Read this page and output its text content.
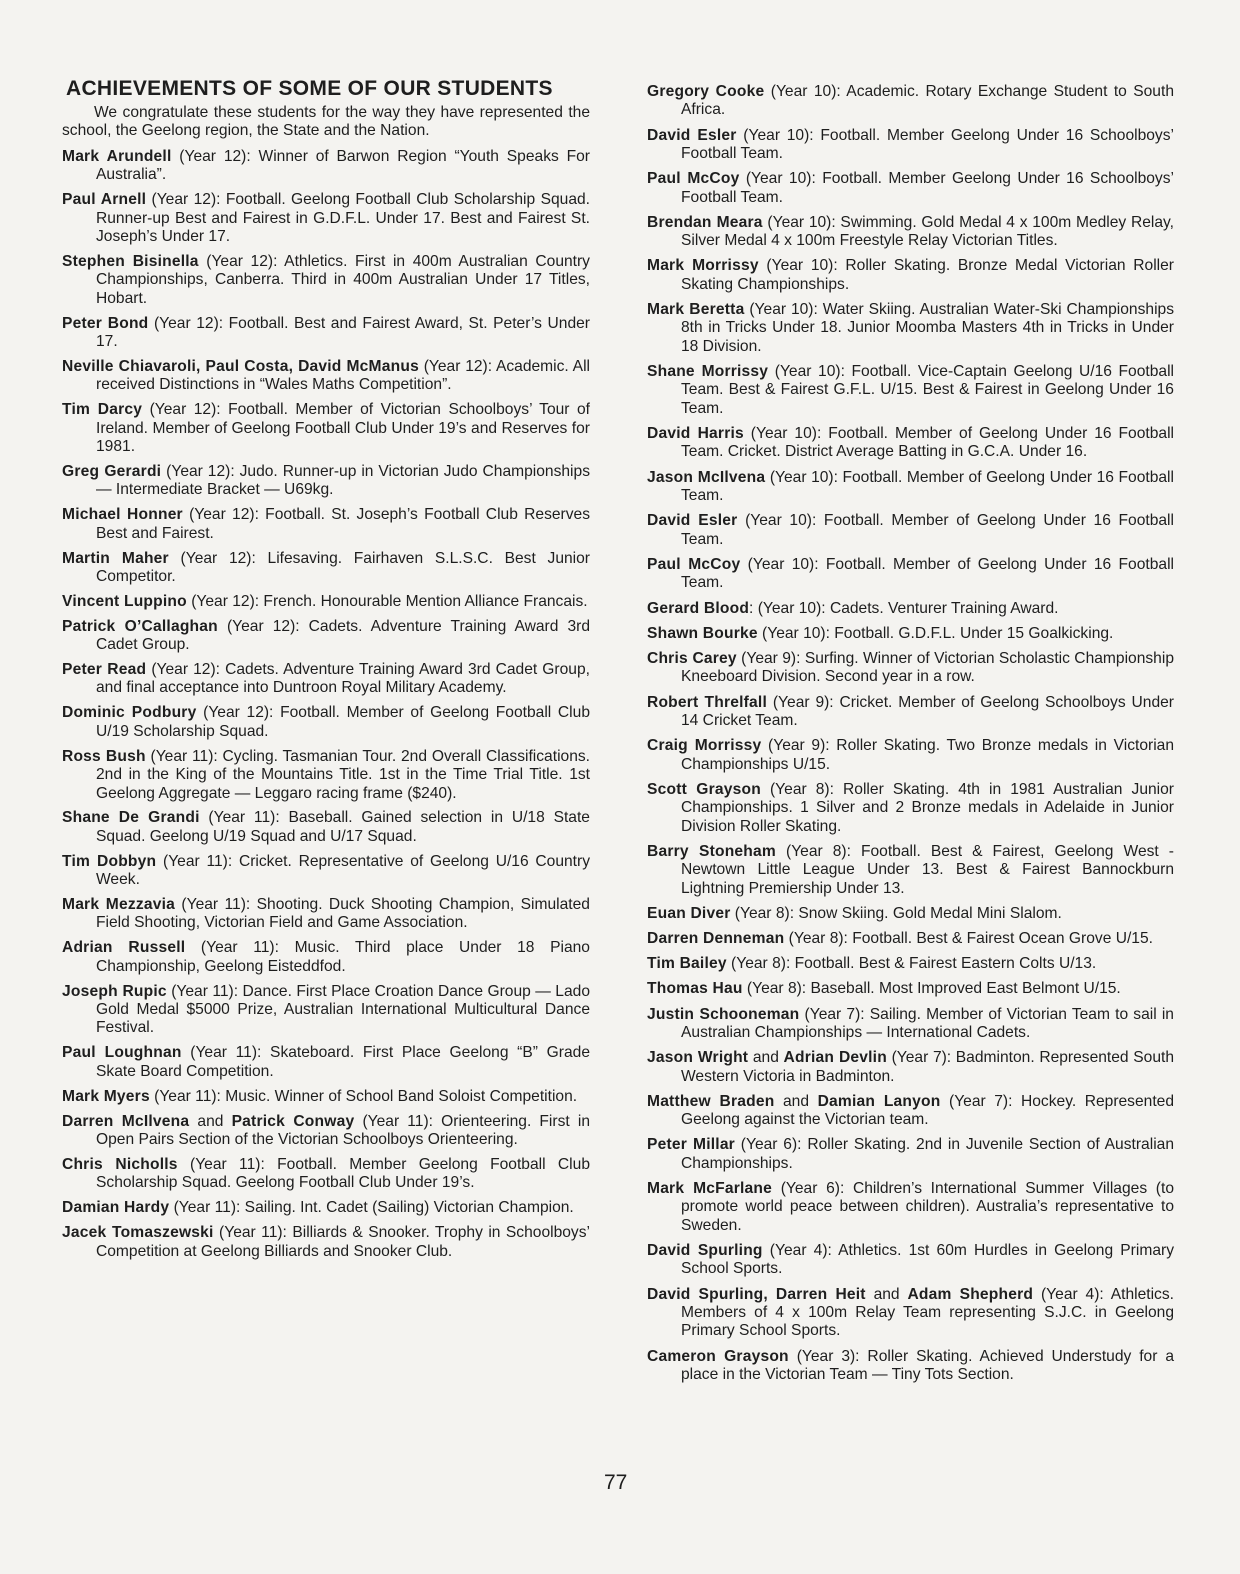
ACHIEVEMENTS OF SOME OF OUR STUDENTS

We congratulate these students for the way they have represented the school, the Geelong region, the State and the Nation.

Mark Arundell (Year 12): Winner of Barwon Region “Youth Speaks For Australia”.

Paul Arnell (Year 12): Football. Geelong Football Club Scholarship Squad. Runner-up Best and Fairest in G.D.F.L. Under 17. Best and Fairest St. Joseph’s Under 17.

Stephen Bisinella (Year 12): Athletics. First in 400m Australian Country Championships, Canberra. Third in 400m Australian Under 17 Titles, Hobart.

Peter Bond (Year 12): Football. Best and Fairest Award, St. Peter’s Under 17.

Neville Chiavaroli, Paul Costa, David McManus (Year 12): Academic. All received Distinctions in “Wales Maths Competition”.

Tim Darcy (Year 12): Football. Member of Victorian Schoolboys’ Tour of Ireland. Member of Geelong Football Club Under 19’s and Reserves for 1981.

Greg Gerardi (Year 12): Judo. Runner-up in Victorian Judo Championships — Intermediate Bracket — U69kg.

Michael Honner (Year 12): Football. St. Joseph’s Football Club Reserves Best and Fairest.

Martin Maher (Year 12): Lifesaving. Fairhaven S.L.S.C. Best Junior Competitor.

Vincent Luppino (Year 12): French. Honourable Mention Alliance Francais.

Patrick O’Callaghan (Year 12): Cadets. Adventure Training Award 3rd Cadet Group.

Peter Read (Year 12): Cadets. Adventure Training Award 3rd Cadet Group, and final acceptance into Duntroon Royal Military Academy.

Dominic Podbury (Year 12): Football. Member of Geelong Football Club U/19 Scholarship Squad.

Ross Bush (Year 11): Cycling. Tasmanian Tour. 2nd Overall Classifications. 2nd in the King of the Mountains Title. 1st in the Time Trial Title. 1st Geelong Aggregate — Leggaro racing frame ($240).

Shane De Grandi (Year 11): Baseball. Gained selection in U/18 State Squad. Geelong U/19 Squad and U/17 Squad.

Tim Dobbyn (Year 11): Cricket. Representative of Geelong U/16 Country Week.

Mark Mezzavia (Year 11): Shooting. Duck Shooting Champion, Simulated Field Shooting, Victorian Field and Game Association.

Adrian Russell (Year 11): Music. Third place Under 18 Piano Championship, Geelong Eisteddfod.

Joseph Rupic (Year 11): Dance. First Place Croation Dance Group — Lado Gold Medal $5000 Prize, Australian International Multicultural Dance Festival.

Paul Loughnan (Year 11): Skateboard. First Place Geelong “B” Grade Skate Board Competition.

Mark Myers (Year 11): Music. Winner of School Band Soloist Competition.

Darren McIlvena and Patrick Conway (Year 11): Orienteering. First in Open Pairs Section of the Victorian Schoolboys Orienteering.

Chris Nicholls (Year 11): Football. Member Geelong Football Club Scholarship Squad. Geelong Football Club Under 19’s.

Damian Hardy (Year 11): Sailing. Int. Cadet (Sailing) Victorian Champion.

Jacek Tomaszewski (Year 11): Billiards & Snooker. Trophy in Schoolboys’ Competition at Geelong Billiards and Snooker Club.

Gregory Cooke (Year 10): Academic. Rotary Exchange Student to South Africa.

David Esler (Year 10): Football. Member Geelong Under 16 Schoolboys’ Football Team.

Paul McCoy (Year 10): Football. Member Geelong Under 16 Schoolboys’ Football Team.

Brendan Meara (Year 10): Swimming. Gold Medal 4 x 100m Medley Relay, Silver Medal 4 x 100m Freestyle Relay Victorian Titles.

Mark Morrissy (Year 10): Roller Skating. Bronze Medal Victorian Roller Skating Championships.

Mark Beretta (Year 10): Water Skiing. Australian Water-Ski Championships 8th in Tricks Under 18. Junior Moomba Masters 4th in Tricks in Under 18 Division.

Shane Morrissy (Year 10): Football. Vice-Captain Geelong U/16 Football Team. Best & Fairest G.F.L. U/15. Best & Fairest in Geelong Under 16 Team.

David Harris (Year 10): Football. Member of Geelong Under 16 Football Team. Cricket. District Average Batting in G.C.A. Under 16.

Jason McIlvena (Year 10): Football. Member of Geelong Under 16 Football Team.

David Esler (Year 10): Football. Member of Geelong Under 16 Football Team.

Paul McCoy (Year 10): Football. Member of Geelong Under 16 Football Team.

Gerard Blood: (Year 10): Cadets. Venturer Training Award.

Shawn Bourke (Year 10): Football. G.D.F.L. Under 15 Goalkicking.

Chris Carey (Year 9): Surfing. Winner of Victorian Scholastic Championship Kneeboard Division. Second year in a row.

Robert Threlfall (Year 9): Cricket. Member of Geelong Schoolboys Under 14 Cricket Team.

Craig Morrissy (Year 9): Roller Skating. Two Bronze medals in Victorian Championships U/15.

Scott Grayson (Year 8): Roller Skating. 4th in 1981 Australian Junior Championships. 1 Silver and 2 Bronze medals in Adelaide in Junior Division Roller Skating.

Barry Stoneham (Year 8): Football. Best & Fairest, Geelong West - Newtown Little League Under 13. Best & Fairest Bannockburn Lightning Premiership Under 13.

Euan Diver (Year 8): Snow Skiing. Gold Medal Mini Slalom.

Darren Denneman (Year 8): Football. Best & Fairest Ocean Grove U/15.

Tim Bailey (Year 8): Football. Best & Fairest Eastern Colts U/13.

Thomas Hau (Year 8): Baseball. Most Improved East Belmont U/15.

Justin Schooneman (Year 7): Sailing. Member of Victorian Team to sail in Australian Championships — International Cadets.

Jason Wright and Adrian Devlin (Year 7): Badminton. Represented South Western Victoria in Badminton.

Matthew Braden and Damian Lanyon (Year 7): Hockey. Represented Geelong against the Victorian team.

Peter Millar (Year 6): Roller Skating. 2nd in Juvenile Section of Australian Championships.

Mark McFarlane (Year 6): Children’s International Summer Villages (to promote world peace between children). Australia’s representative to Sweden.

David Spurling (Year 4): Athletics. 1st 60m Hurdles in Geelong Primary School Sports.

David Spurling, Darren Heit and Adam Shepherd (Year 4): Athletics. Members of 4 x 100m Relay Team representing S.J.C. in Geelong Primary School Sports.

Cameron Grayson (Year 3): Roller Skating. Achieved Understudy for a place in the Victorian Team — Tiny Tots Section.

77
